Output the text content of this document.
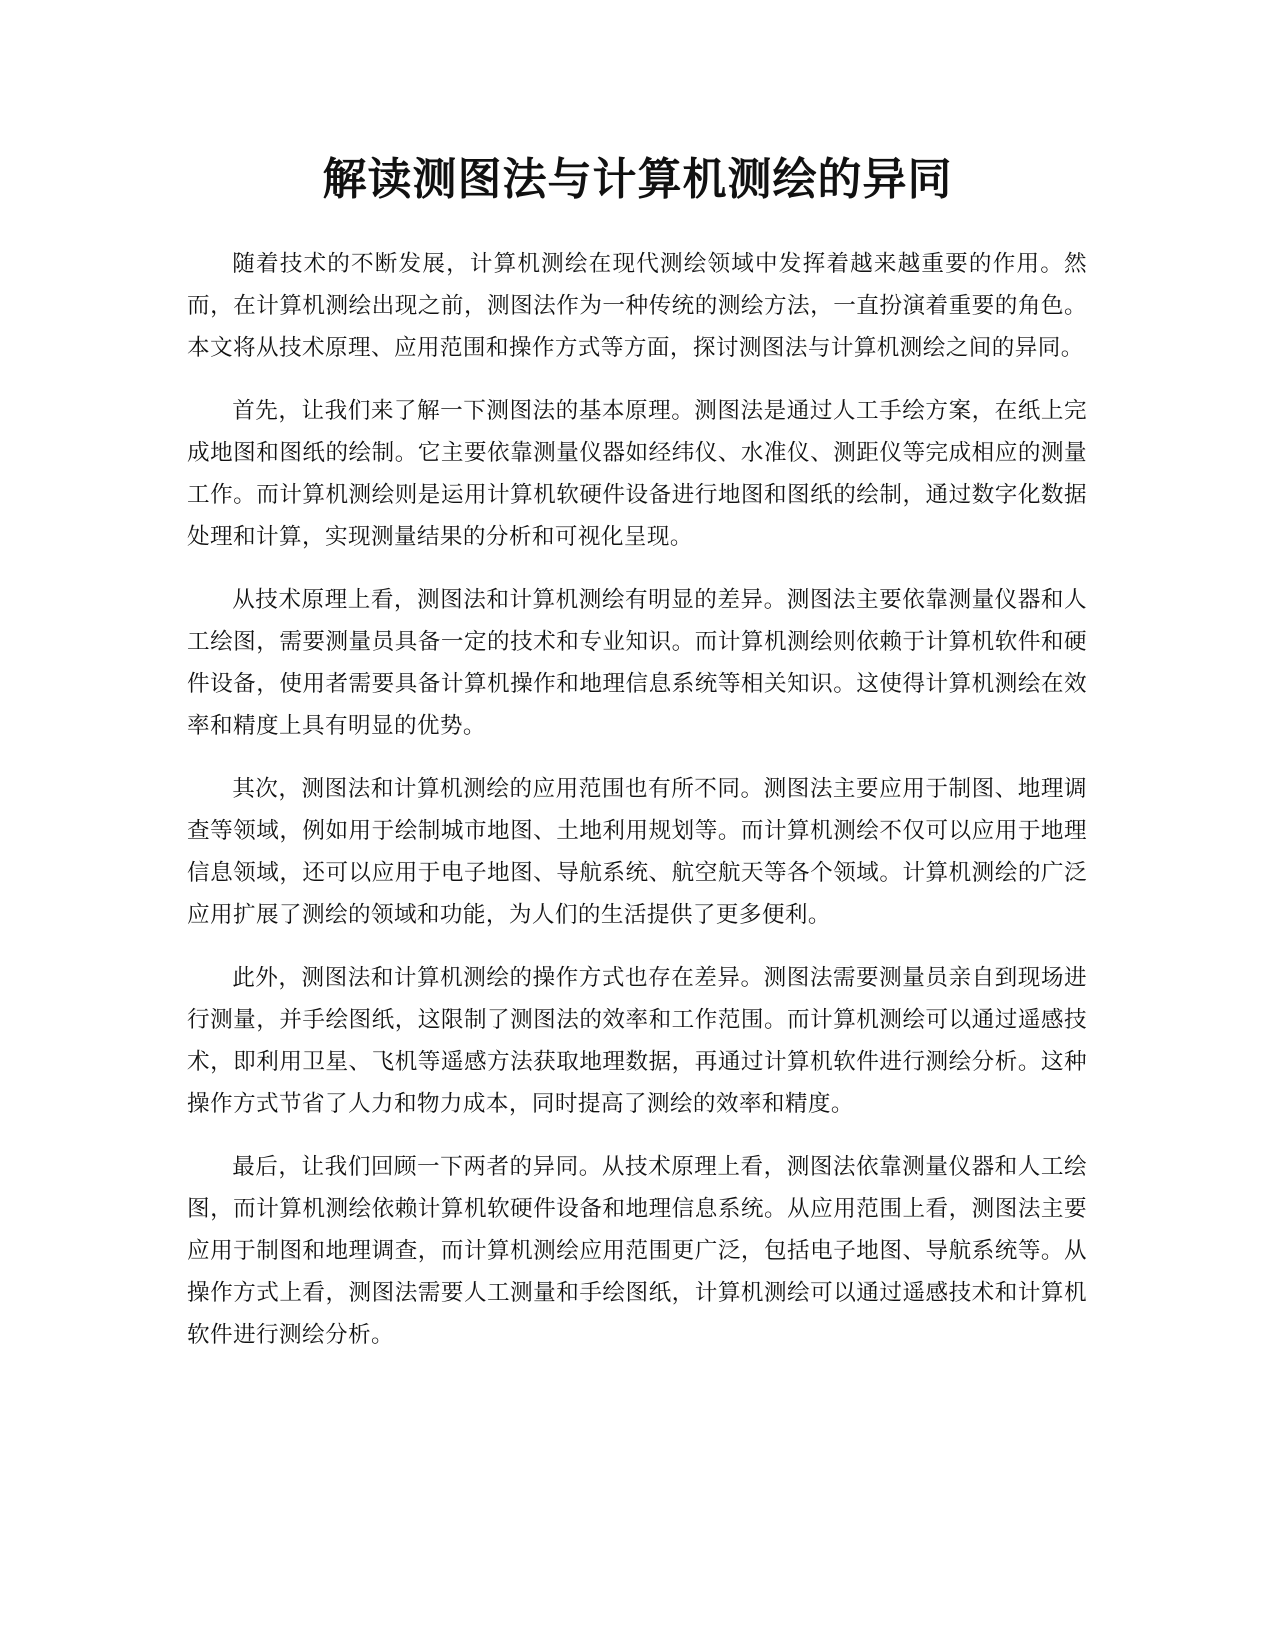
解读测图法与计算机测绘的异同

随着技术的不断发展，计算机测绘在现代测绘领域中发挥着越来越重要的作用。然而，在计算机测绘出现之前，测图法作为一种传统的测绘方法，一直扮演着重要的角色。本文将从技术原理、应用范围和操作方式等方面，探讨测图法与计算机测绘之间的异同。

首先，让我们来了解一下测图法的基本原理。测图法是通过人工手绘方案，在纸上完成地图和图纸的绘制。它主要依靠测量仪器如经纬仪、水准仪、测距仪等完成相应的测量工作。而计算机测绘则是运用计算机软硬件设备进行地图和图纸的绘制，通过数字化数据处理和计算，实现测量结果的分析和可视化呈现。

从技术原理上看，测图法和计算机测绘有明显的差异。测图法主要依靠测量仪器和人工绘图，需要测量员具备一定的技术和专业知识。而计算机测绘则依赖于计算机软件和硬件设备，使用者需要具备计算机操作和地理信息系统等相关知识。这使得计算机测绘在效率和精度上具有明显的优势。

其次，测图法和计算机测绘的应用范围也有所不同。测图法主要应用于制图、地理调查等领域，例如用于绘制城市地图、土地利用规划等。而计算机测绘不仅可以应用于地理信息领域，还可以应用于电子地图、导航系统、航空航天等各个领域。计算机测绘的广泛应用扩展了测绘的领域和功能，为人们的生活提供了更多便利。

此外，测图法和计算机测绘的操作方式也存在差异。测图法需要测量员亲自到现场进行测量，并手绘图纸，这限制了测图法的效率和工作范围。而计算机测绘可以通过遥感技术，即利用卫星、飞机等遥感方法获取地理数据，再通过计算机软件进行测绘分析。这种操作方式节省了人力和物力成本，同时提高了测绘的效率和精度。

最后，让我们回顾一下两者的异同。从技术原理上看，测图法依靠测量仪器和人工绘图，而计算机测绘依赖计算机软硬件设备和地理信息系统。从应用范围上看，测图法主要应用于制图和地理调查，而计算机测绘应用范围更广泛，包括电子地图、导航系统等。从操作方式上看，测图法需要人工测量和手绘图纸，计算机测绘可以通过遥感技术和计算机软件进行测绘分析。
